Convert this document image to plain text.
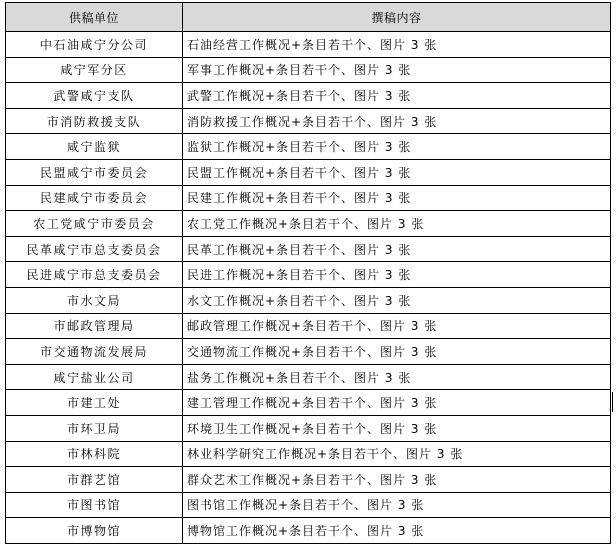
供稿单位	撰稿内容
中石油咸宁分公司	石油经营工作概况+条目若干个、图片 3 张
咸宁军分区	军事工作概况+条目若干个、图片 3 张
武警咸宁支队	武警工作概况+条目若干个、图片 3 张
市消防救援支队	消防救援工作概况+条目若干个、图片 3 张
咸宁监狱	监狱工作概况+条目若干个、图片 3 张
民盟咸宁市委员会	民盟工作概况+条目若干个、图片 3 张
民建咸宁市委员会	民建工作概况+条目若干个、图片 3 张
农工党咸宁市委员会	农工党工作概况+条目若干个、图片 3 张
民革咸宁市总支委员会	民革工作概况+条目若干个、图片 3 张
民进咸宁市总支委员会	民进工作概况+条目若干个、图片 3 张
市水文局	水文工作概况+条目若干个、图片 3 张
市邮政管理局	邮政管理工作概况+条目若干个、图片 3 张
市交通物流发展局	交通物流工作概况+条目若干个、图片 3 张
咸宁盐业公司	盐务工作概况+条目若干个、图片 3 张
市建工处	建工管理工作概况+条目若干个、图片 3 张
市环卫局	环境卫生工作概况+条目若干个、图片 3 张
市林科院	林业科学研究工作概况+条目若干个、图片 3 张
市群艺馆	群众艺术工作概况+条目若干个、图片 3 张
市图书馆	图书馆工作概况+条目若干个、图片 3 张
市博物馆	博物馆工作概况+条目若干个、图片 3 张
